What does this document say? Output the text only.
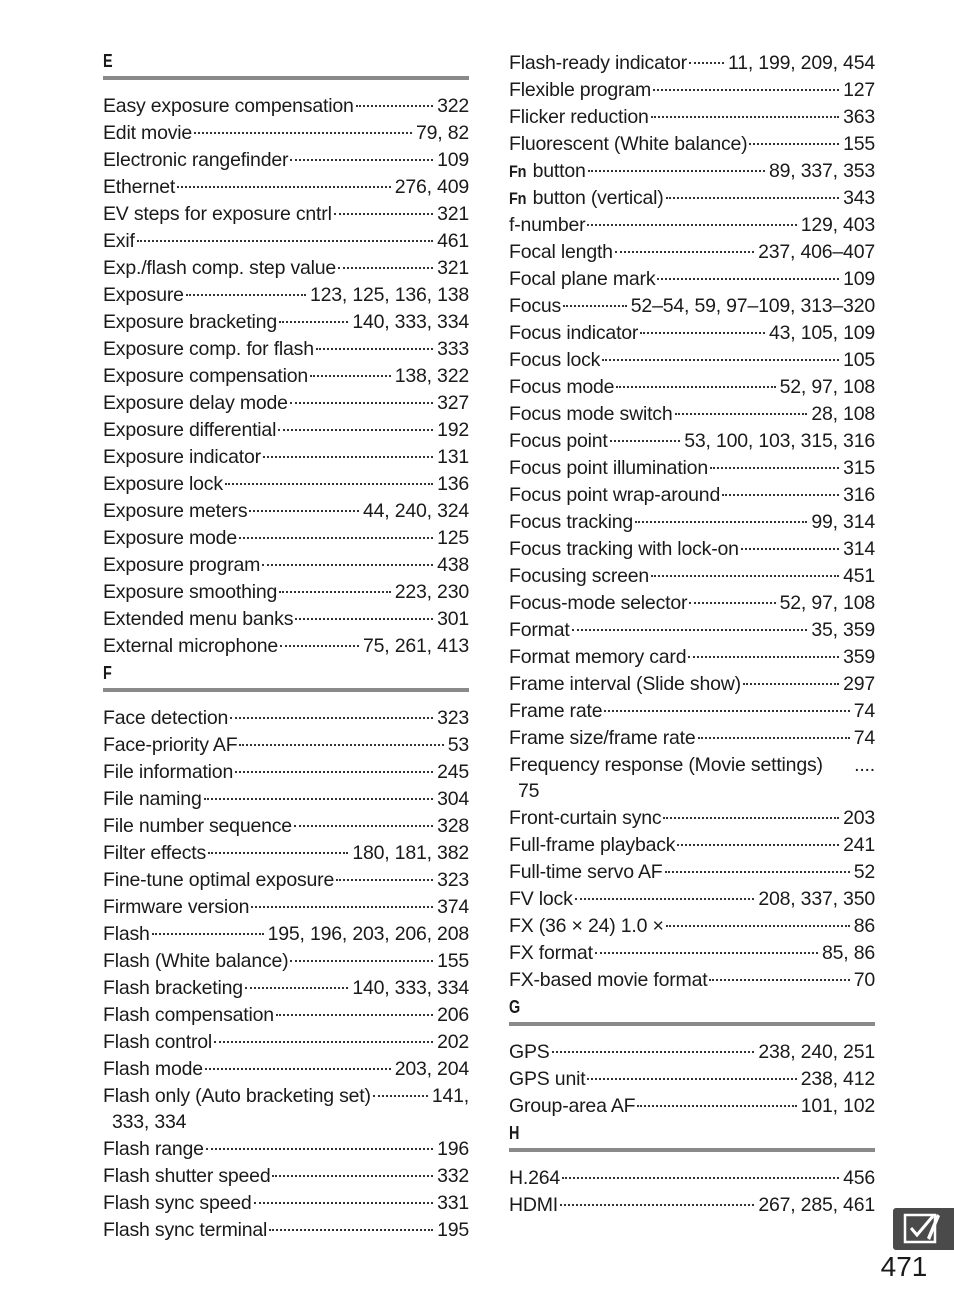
E
Easy exposure compensation	322
Edit movie	79, 82
Electronic rangefinder	109
Ethernet	276, 409
EV steps for exposure cntrl	321
Exif	461
Exp./flash comp. step value	321
Exposure	123, 125, 136, 138
Exposure bracketing	140, 333, 334
Exposure comp. for flash	333
Exposure compensation	138, 322
Exposure delay mode	327
Exposure differential	192
Exposure indicator	131
Exposure lock	136
Exposure meters	44, 240, 324
Exposure mode	125
Exposure program	438
Exposure smoothing	223, 230
Extended menu banks	301
External microphone	75, 261, 413
F
Face detection	323
Face-priority AF	53
File information	245
File naming	304
File number sequence	328
Filter effects	180, 181, 382
Fine-tune optimal exposure	323
Firmware version	374
Flash	195, 196, 203, 206, 208
Flash (White balance)	155
Flash bracketing	140, 333, 334
Flash compensation	206
Flash control	202
Flash mode	203, 204
Flash only (Auto bracketing set)	141,
333, 334
Flash range	196
Flash shutter speed	332
Flash sync speed	331
Flash sync terminal	195
Flash-ready indicator 11, 199, 209, 454
Flexible program	127
Flicker reduction	363
Fluorescent (White balance)	155
Fn button	89, 337, 353
Fn button (vertical)	343
f-number	129, 403
Focal length	237, 406–407
Focal plane mark	109
Focus	52–54, 59, 97–109, 313–320
Focus indicator	43, 105, 109
Focus lock	105
Focus mode	52, 97, 108
Focus mode switch	28, 108
Focus point	53, 100, 103, 315, 316
Focus point illumination	315
Focus point wrap-around	316
Focus tracking	99, 314
Focus tracking with lock-on	314
Focusing screen	451
Focus-mode selector	52, 97, 108
Format	35, 359
Format memory card	359
Frame interval (Slide show)	297
Frame rate	74
Frame size/frame rate	74
Frequency response (Movie settings) ....
75
Front-curtain sync	203
Full-frame playback	241
Full-time servo AF	52
FV lock	208, 337, 350
FX (36 × 24) 1.0 ×	86
FX format	85, 86
FX-based movie format	70
G
GPS	238, 240, 251
GPS unit	238, 412
Group-area AF	101, 102
H
H.264	456
HDMI	267, 285, 461
471
